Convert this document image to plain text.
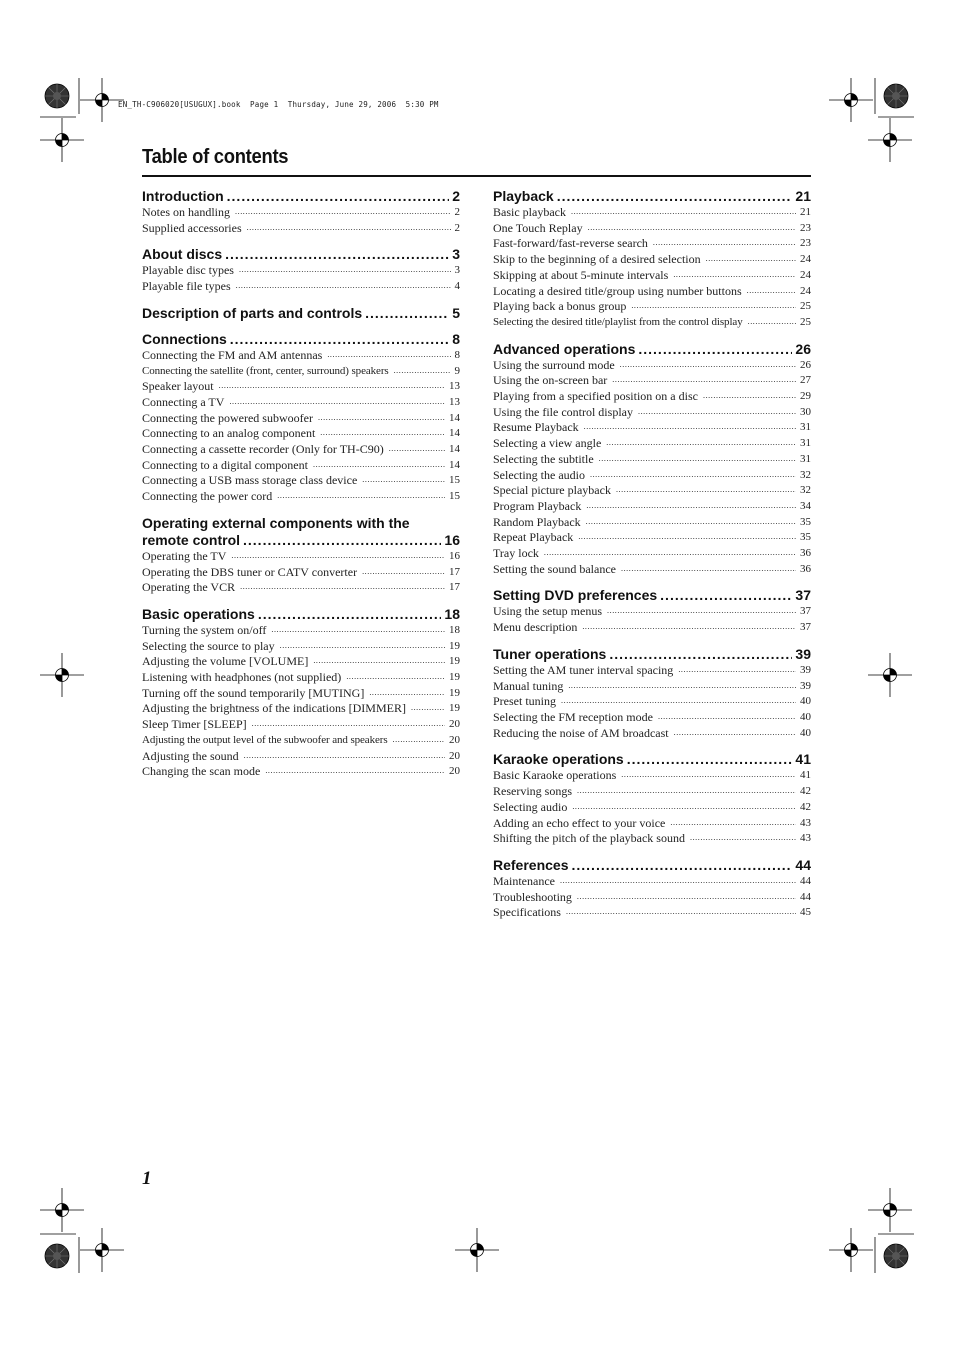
EN_TH-C906020[USUGUX].book  Page 1  Thursday, June 29, 2006  5:30 PM
Table of contents
Introduction .....	2
Notes on handling .....	2
Supplied accessories .....	2
About discs .....	3
Playable disc types .....	3
Playable file types .....	4
Description of parts and controls .....	5
Connections .....	8
Connecting the FM and AM antennas .....	8
Connecting the satellite (front, center, surround) speakers .....	9
Speaker layout .....	13
Connecting a TV .....	13
Connecting the powered subwoofer .....	14
Connecting to an analog component .....	14
Connecting a cassette recorder (Only for TH-C90) .....	14
Connecting to a digital component .....	14
Connecting a USB mass storage class device .....	15
Connecting the power cord .....	15
Operating external components with the
remote control .....	16
Operating the TV .....	16
Operating the DBS tuner or CATV converter .....	17
Operating the VCR .....	17
Basic operations .....	18
Turning the system on/off .....	18
Selecting the source to play .....	19
Adjusting the volume [VOLUME] .....	19
Listening with headphones (not supplied) .....	19
Turning off the sound temporarily [MUTING] .....	19
Adjusting the brightness of the indications [DIMMER] .....	19
Sleep Timer [SLEEP] .....	20
Adjusting the output level of the subwoofer and speakers .....	20
Adjusting the sound .....	20
Changing the scan mode .....	20
Playback .....	21
Basic playback .....	21
One Touch Replay .....	23
Fast-forward/fast-reverse search .....	23
Skip to the beginning of a desired selection .....	24
Skipping at about 5-minute intervals .....	24
Locating a desired title/group using number buttons .....	24
Playing back a bonus group .....	25
Selecting the desired title/playlist from the control display .....	25
Advanced operations .....	26
Using the surround mode .....	26
Using the on-screen bar .....	27
Playing from a specified position on a disc .....	29
Using the file control display .....	30
Resume Playback .....	31
Selecting a view angle .....	31
Selecting the subtitle .....	31
Selecting the audio .....	32
Special picture playback .....	32
Program Playback .....	34
Random Playback .....	35
Repeat Playback .....	35
Tray lock .....	36
Setting the sound balance .....	36
Setting DVD preferences .....	37
Using the setup menus .....	37
Menu description .....	37
Tuner operations .....	39
Setting the AM tuner interval spacing .....	39
Manual tuning .....	39
Preset tuning .....	40
Selecting the FM reception mode .....	40
Reducing the noise of AM broadcast .....	40
Karaoke operations .....	41
Basic Karaoke operations .....	41
Reserving songs .....	42
Selecting audio .....	42
Adding an echo effect to your voice .....	43
Shifting the pitch of the playback sound .....	43
References .....	44
Maintenance .....	44
Troubleshooting .....	44
Specifications .....	45
1
